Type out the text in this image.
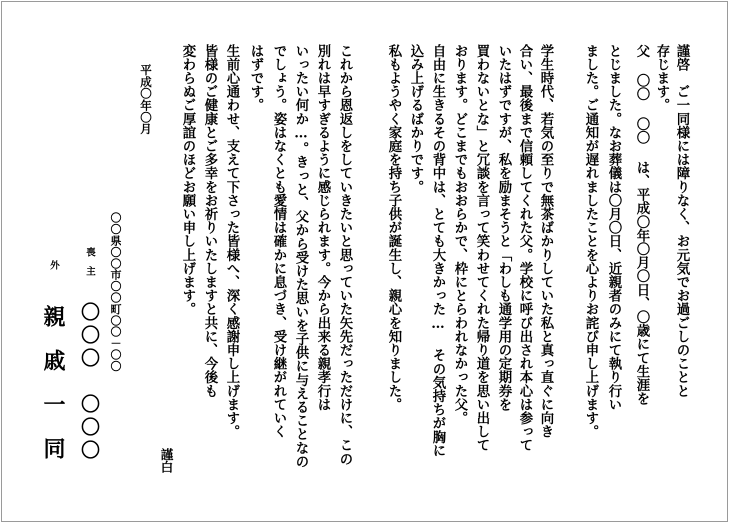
謹啓　ご一同様には障りなく、お元気でお過ごしのことと
存じます。
父 〇〇 〇〇 は、平成〇年〇月〇日、〇歳にて生涯を
とじました。なお葬儀は〇月〇日、近親者のみにて執り行い
ました。ご通知が遅れましたことを心よりお詫び申し上げます。
学生時代、若気の至りで無茶ばかりしていた私と真っ直ぐに向き
合い、最後まで信頼してくれた父。学校に呼び出され本心は参って
いたはずですが、私を励まそうと「わしも通学用の定期券を
買わないとな」と冗談を言って笑わせてくれた帰り道を思い出して
おります。どこまでもおおらかで、枠にとらわれなかった父。
自由に生きるその背中は、とても大きかった… その気持ちが胸に
込み上げるばかりです。
私もようやく家庭を持ち子供が誕生し、親心を知りました。
これから恩返しをしていきたいと思っていた矢先だっただけに、この
別れは早すぎるように感じられます。今から出来る親孝行は
いったい何か…。きっと、父から受けた思いを子供に与えることなの
でしょう。姿はなくとも愛情は確かに息づき、受け継がれていく
はずです。
生前心通わせ、支えて下さった皆様へ、深く感謝申し上げます。
皆様のご健康とご多幸をお祈りいたしますと共に、今後も
変わらぬご厚誼のほどお願い申し上げます。
平成〇年〇月
〇〇県〇〇市〇〇町〇〇－〇〇
喪　主
〇〇〇　〇〇〇
外
親　戚　一　同
謹白
